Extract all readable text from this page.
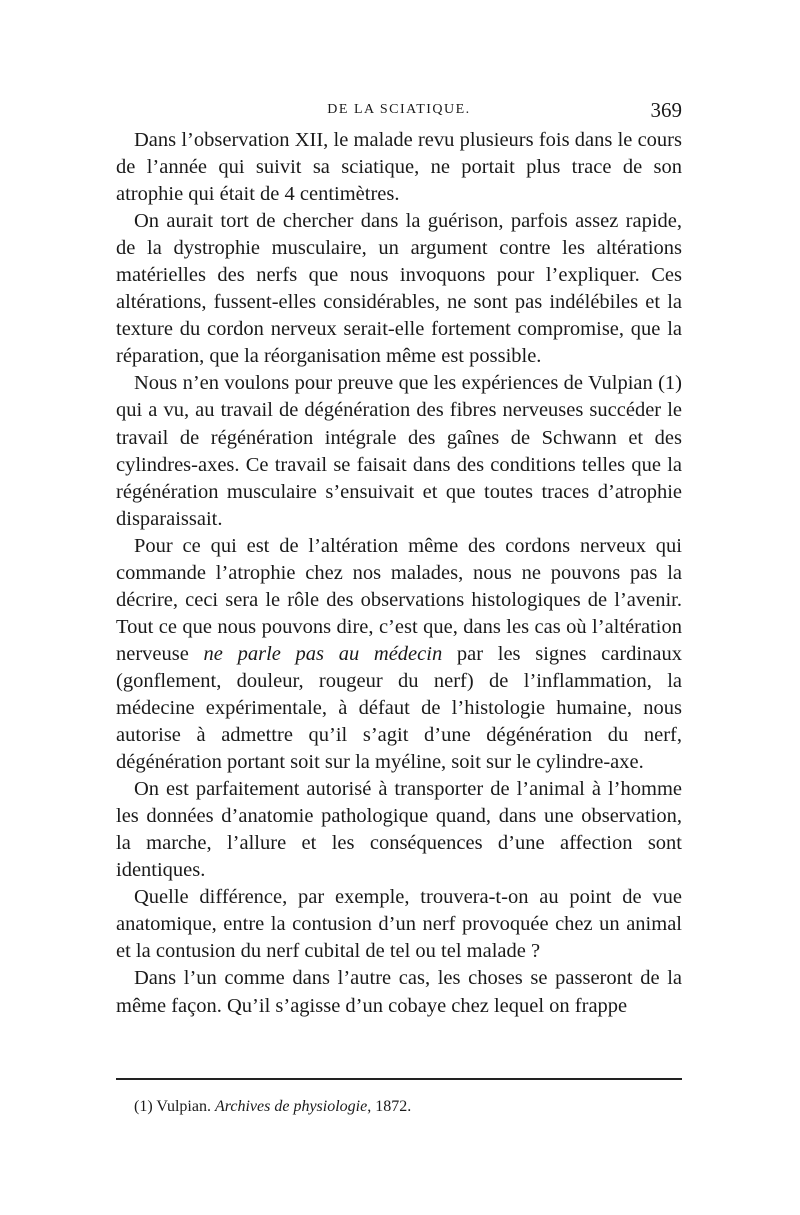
DE LA SCIATIQUE.	369

Dans l’observation XII, le malade revu plusieurs fois dans le cours de l’année qui suivit sa sciatique, ne portait plus trace de son atrophie qui était de 4 centimètres.

On aurait tort de chercher dans la guérison, parfois assez rapide, de la dystrophie musculaire, un argument contre les altérations matérielles des nerfs que nous invoquons pour l’expliquer. Ces altérations, fussent-elles considérables, ne sont pas indélébiles et la texture du cordon nerveux serait-elle fortement compromise, que la réparation, que la réorganisation même est possible.

Nous n’en voulons pour preuve que les expériences de Vulpian (1) qui a vu, au travail de dégénération des fibres nerveuses succéder le travail de régénération intégrale des gaînes de Schwann et des cylindres-axes. Ce travail se faisait dans des conditions telles que la régénération musculaire s’ensuivait et que toutes traces d’atrophie disparaissait.

Pour ce qui est de l’altération même des cordons nerveux qui commande l’atrophie chez nos malades, nous ne pouvons pas la décrire, ceci sera le rôle des observations histologiques de l’avenir. Tout ce que nous pouvons dire, c’est que, dans les cas où l’altération nerveuse ne parle pas au médecin par les signes cardinaux (gonflement, douleur, rougeur du nerf) de l’inflammation, la médecine expérimentale, à défaut de l’histologie humaine, nous autorise à admettre qu’il s’agit d’une dégénération du nerf, dégénération portant soit sur la myéline, soit sur le cylindre-axe.

On est parfaitement autorisé à transporter de l’animal à l’homme les données d’anatomie pathologique quand, dans une observation, la marche, l’allure et les conséquences d’une affection sont identiques.

Quelle différence, par exemple, trouvera-t-on au point de vue anatomique, entre la contusion d’un nerf provoquée chez un animal et la contusion du nerf cubital de tel ou tel malade ?

Dans l’un comme dans l’autre cas, les choses se passeront de la même façon. Qu’il s’agisse d’un cobaye chez lequel on frappe

(1) Vulpian. Archives de physiologie, 1872.
